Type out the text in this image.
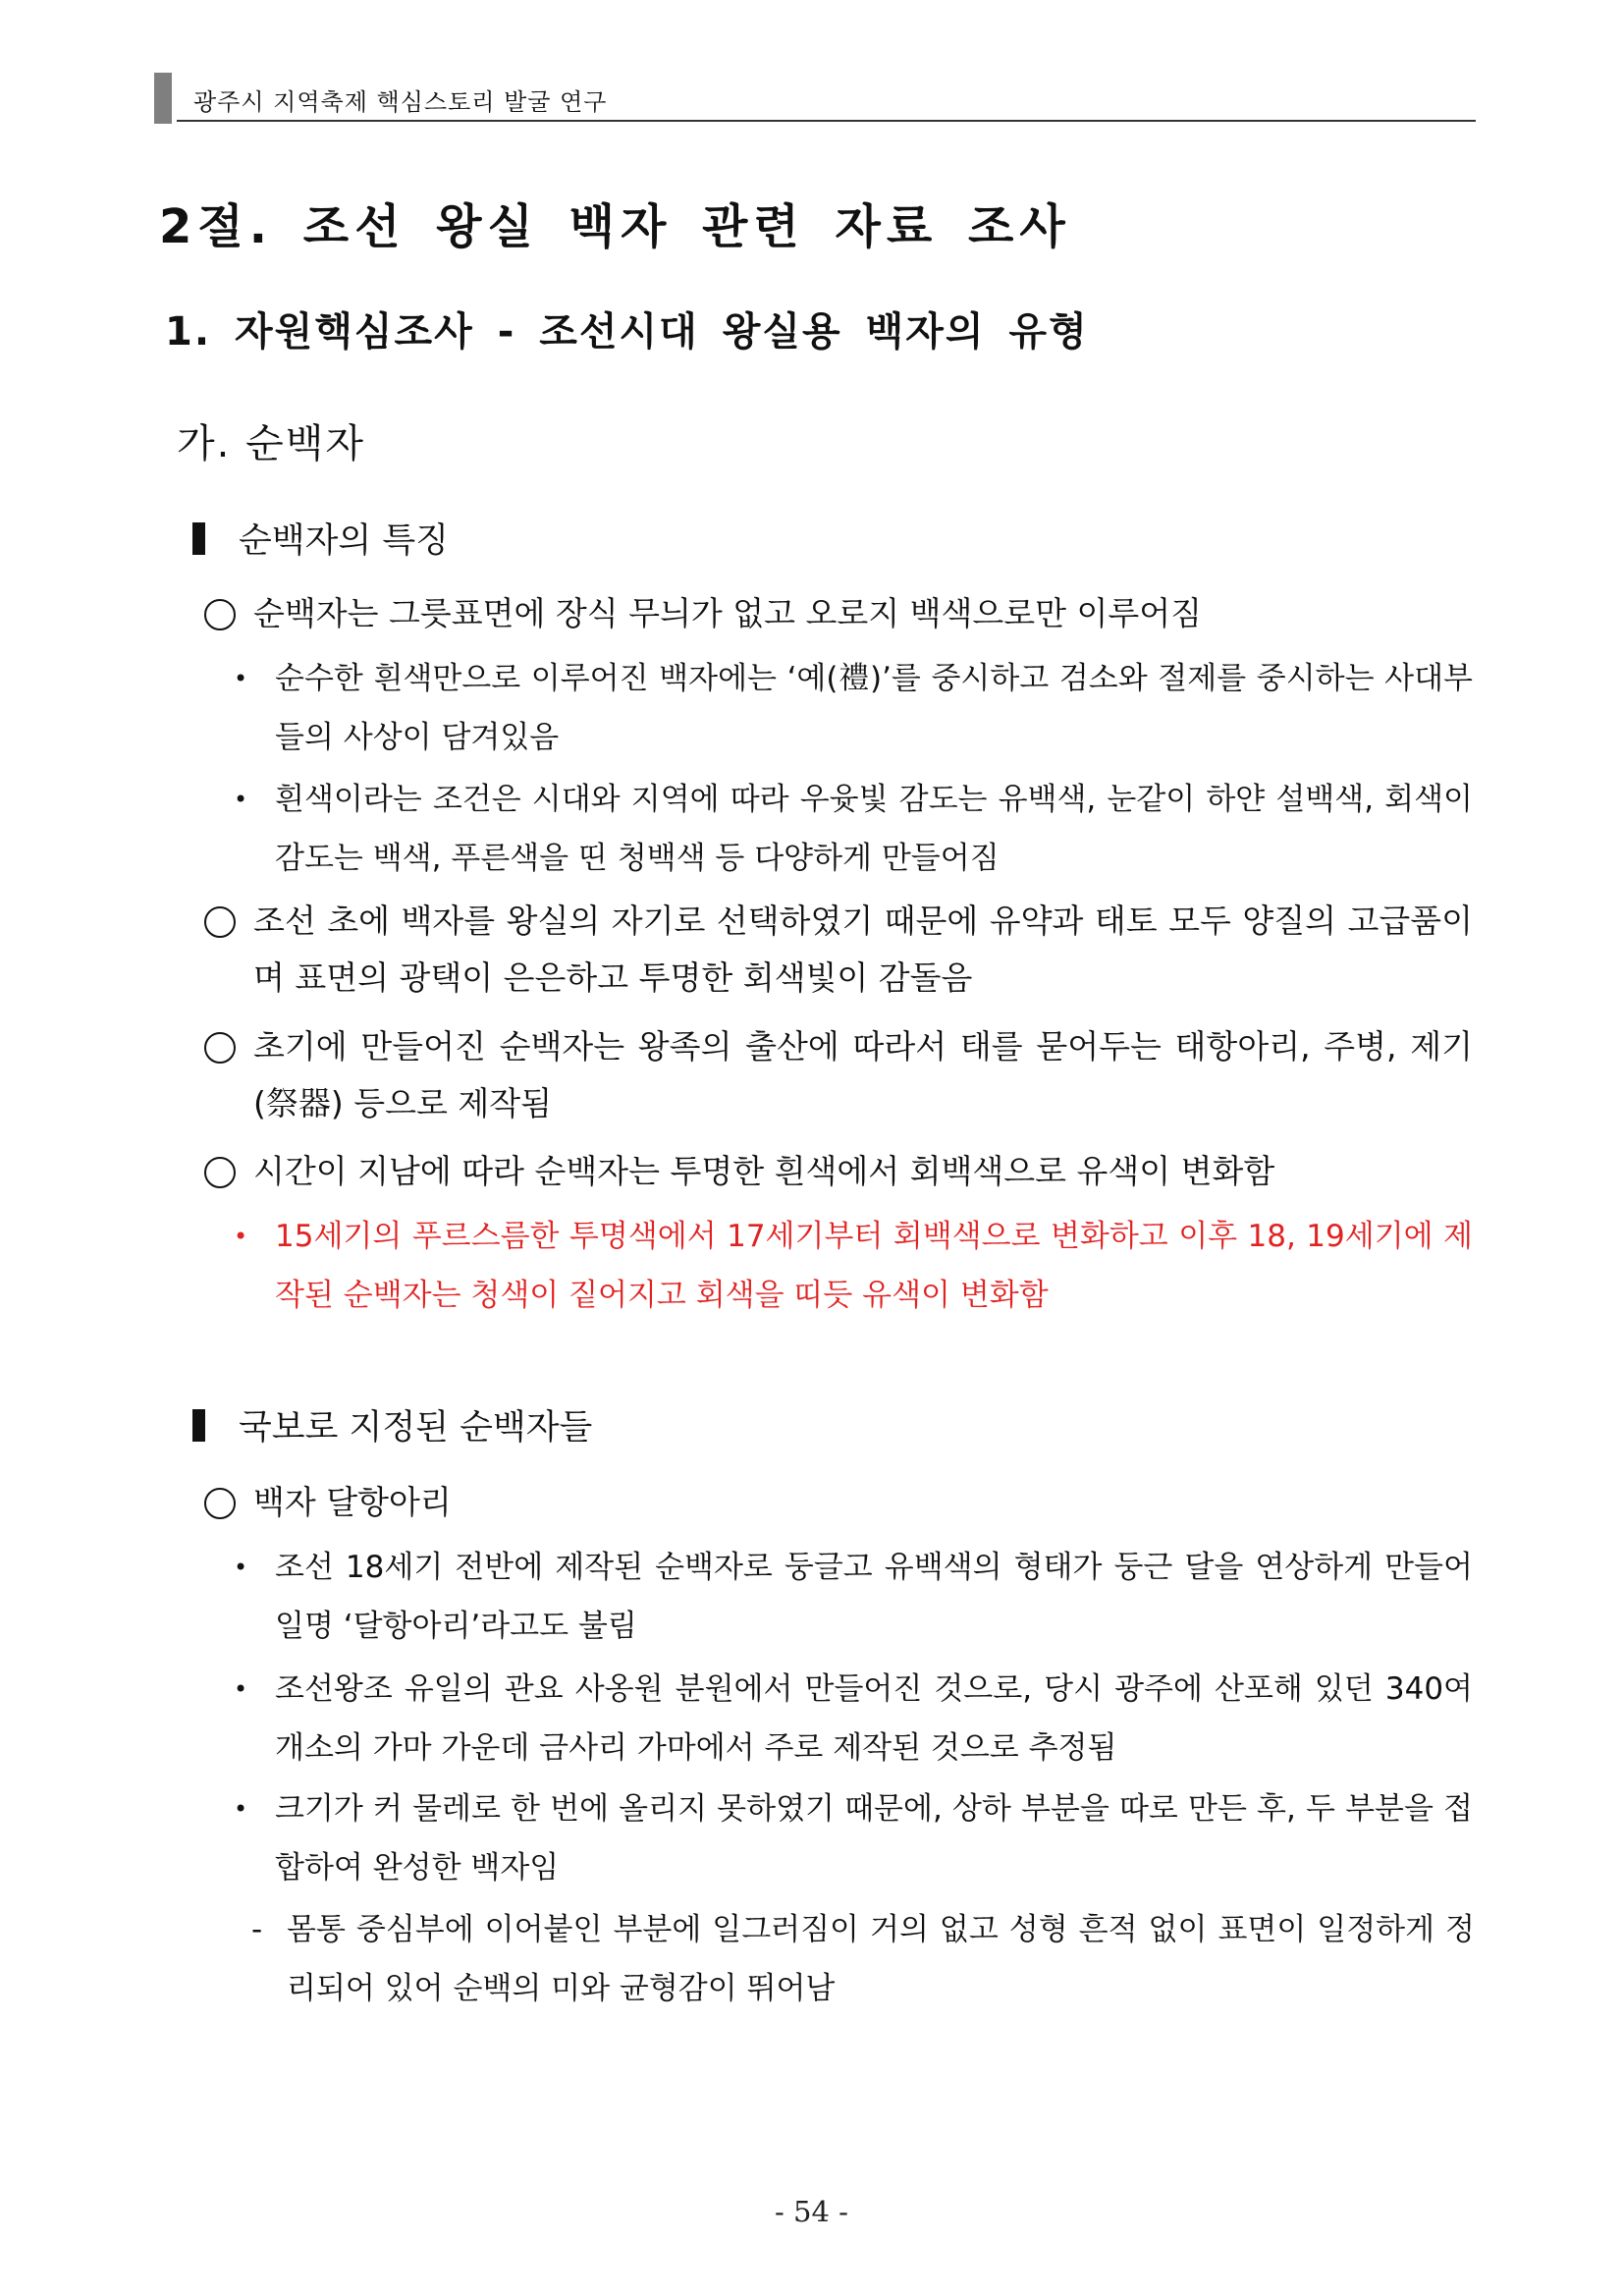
광주시 지역축제 핵심스토리 발굴 연구
2절. 조선 왕실 백자 관련 자료 조사
1. 자원핵심조사 - 조선시대 왕실용 백자의 유형
가. 순백자
순백자의 특징
순백자는 그릇표면에 장식 무늬가 없고 오로지 백색으로만 이루어짐
• 순수한 흰색만으로 이루어진 백자에는 ‘예(禮)’를 중시하고 검소와 절제를 중시하는 사대부들의 사상이 담겨있음
• 흰색이라는 조건은 시대와 지역에 따라 우윳빛 감도는 유백색, 눈같이 하얀 설백색, 회색이 감도는 백색, 푸른색을 띤 청백색 등 다양하게 만들어짐
조선 초에 백자를 왕실의 자기로 선택하였기 때문에 유약과 태토 모두 양질의 고급품이며 표면의 광택이 은은하고 투명한 회색빛이 감돌음
초기에 만들어진 순백자는 왕족의 출산에 따라서 태를 묻어두는 태항아리, 주병, 제기(祭器) 등으로 제작됨
시간이 지남에 따라 순백자는 투명한 흰색에서 회백색으로 유색이 변화함
• 15세기의 푸르스름한 투명색에서 17세기부터 회백색으로 변화하고 이후 18, 19세기에 제작된 순백자는 청색이 짙어지고 회색을 띠듯 유색이 변화함
국보로 지정된 순백자들
백자 달항아리
• 조선 18세기 전반에 제작된 순백자로 둥글고 유백색의 형태가 둥근 달을 연상하게 만들어 일명 ‘달항아리’라고도 불림
• 조선왕조 유일의 관요 사옹원 분원에서 만들어진 것으로, 당시 광주에 산포해 있던 340여 개소의 가마 가운데 금사리 가마에서 주로 제작된 것으로 추정됨
• 크기가 커 물레로 한 번에 올리지 못하였기 때문에, 상하 부분을 따로 만든 후, 두 부분을 접합하여 완성한 백자임
- 몸통 중심부에 이어붙인 부분에 일그러짐이 거의 없고 성형 흔적 없이 표면이 일정하게 정리되어 있어 순백의 미와 균형감이 뛰어남
- 54 -
